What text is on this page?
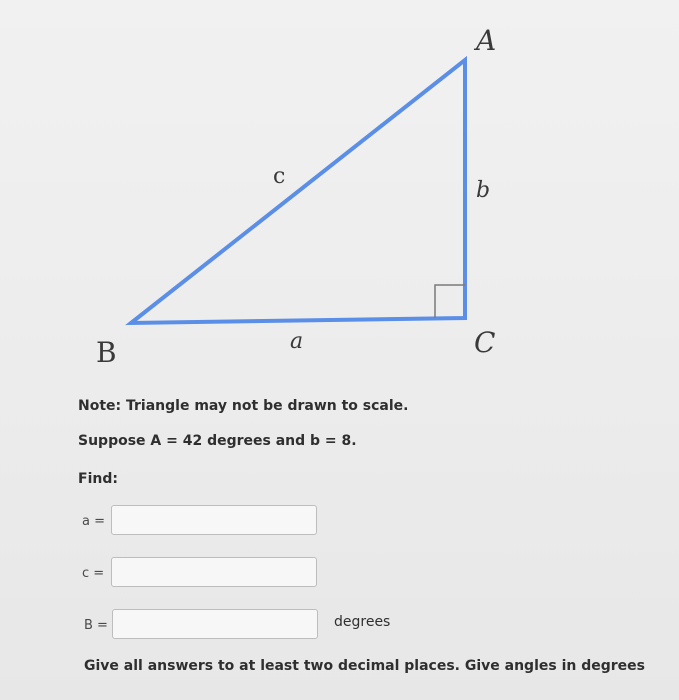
A
B	C
a
b
c
Note: Triangle may not be drawn to scale.
Suppose A = 42 degrees and b = 8.
Find:
a =
c =
B =	degrees
Give all answers to at least two decimal places. Give angles in degrees
